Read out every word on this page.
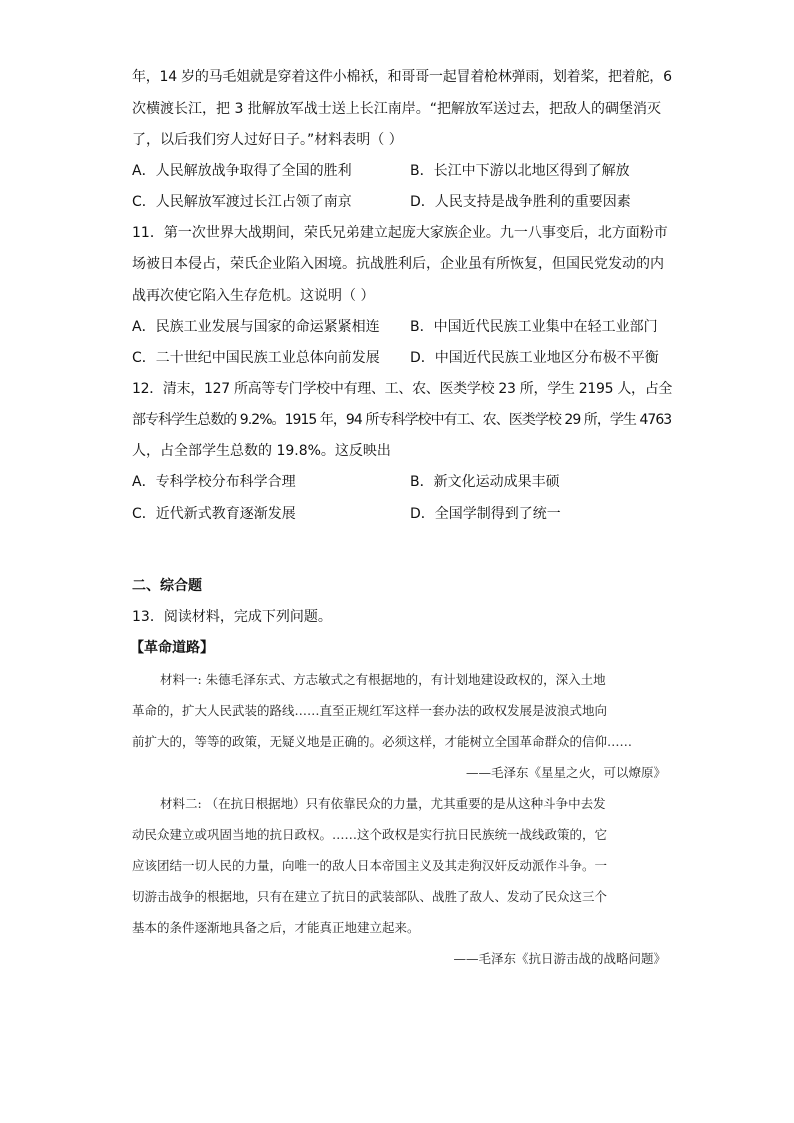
年，14 岁的马毛姐就是穿着这件小棉袄，和哥哥一起冒着枪林弹雨，划着桨，把着舵，6
次横渡长江，把 3 批解放军战士送上长江南岸。“把解放军送过去，把敌人的碉堡消灭
了，以后我们穷人过好日子。”材料表明（ ）
A．人民解放战争取得了全国的胜利	B．长江中下游以北地区得到了解放
C．人民解放军渡过长江占领了南京	D．人民支持是战争胜利的重要因素
11．第一次世界大战期间，荣氏兄弟建立起庞大家族企业。九一八事变后，北方面粉市
场被日本侵占，荣氏企业陷入困境。抗战胜利后，企业虽有所恢复，但国民党发动的内
战再次使它陷入生存危机。这说明（ ）
A．民族工业发展与国家的命运紧紧相连 B．中国近代民族工业集中在轻工业部门
C．二十世纪中国民族工业总体向前发展 D．中国近代民族工业地区分布极不平衡
12．清末，127 所高等专门学校中有理、工、农、医类学校 23 所，学生 2195 人，占全
部专科学生总数的 9.2%。1915 年，94 所专科学校中有工、农、医类学校 29 所，学生 4763
人，占全部学生总数的 19.8%。这反映出
A．专科学校分布科学合理	B．新文化运动成果丰硕
C．近代新式教育逐渐发展	D．全国学制得到了统一
二、综合题
13．阅读材料，完成下列问题。
【革命道路】
材料一: 朱德毛泽东式、方志敏式之有根据地的，有计划地建设政权的，深入土地
革命的，扩大人民武装的路线……直至正规红军这样一套办法的政权发展是波浪式地向
前扩大的，等等的政策，无疑义地是正确的。必须这样，才能树立全国革命群众的信仰……
——毛泽东《星星之火，可以燎原》
材料二: （在抗日根据地）只有依靠民众的力量，尤其重要的是从这种斗争中去发
动民众建立或巩固当地的抗日政权。……这个政权是实行抗日民族统一战线政策的，它
应该团结一切人民的力量，向唯一的敌人日本帝国主义及其走狗汉奸反动派作斗争。一
切游击战争的根据地，只有在建立了抗日的武装部队、战胜了敌人、发动了民众这三个
基本的条件逐渐地具备之后，才能真正地建立起来。
——毛泽东《抗日游击战的战略问题》
